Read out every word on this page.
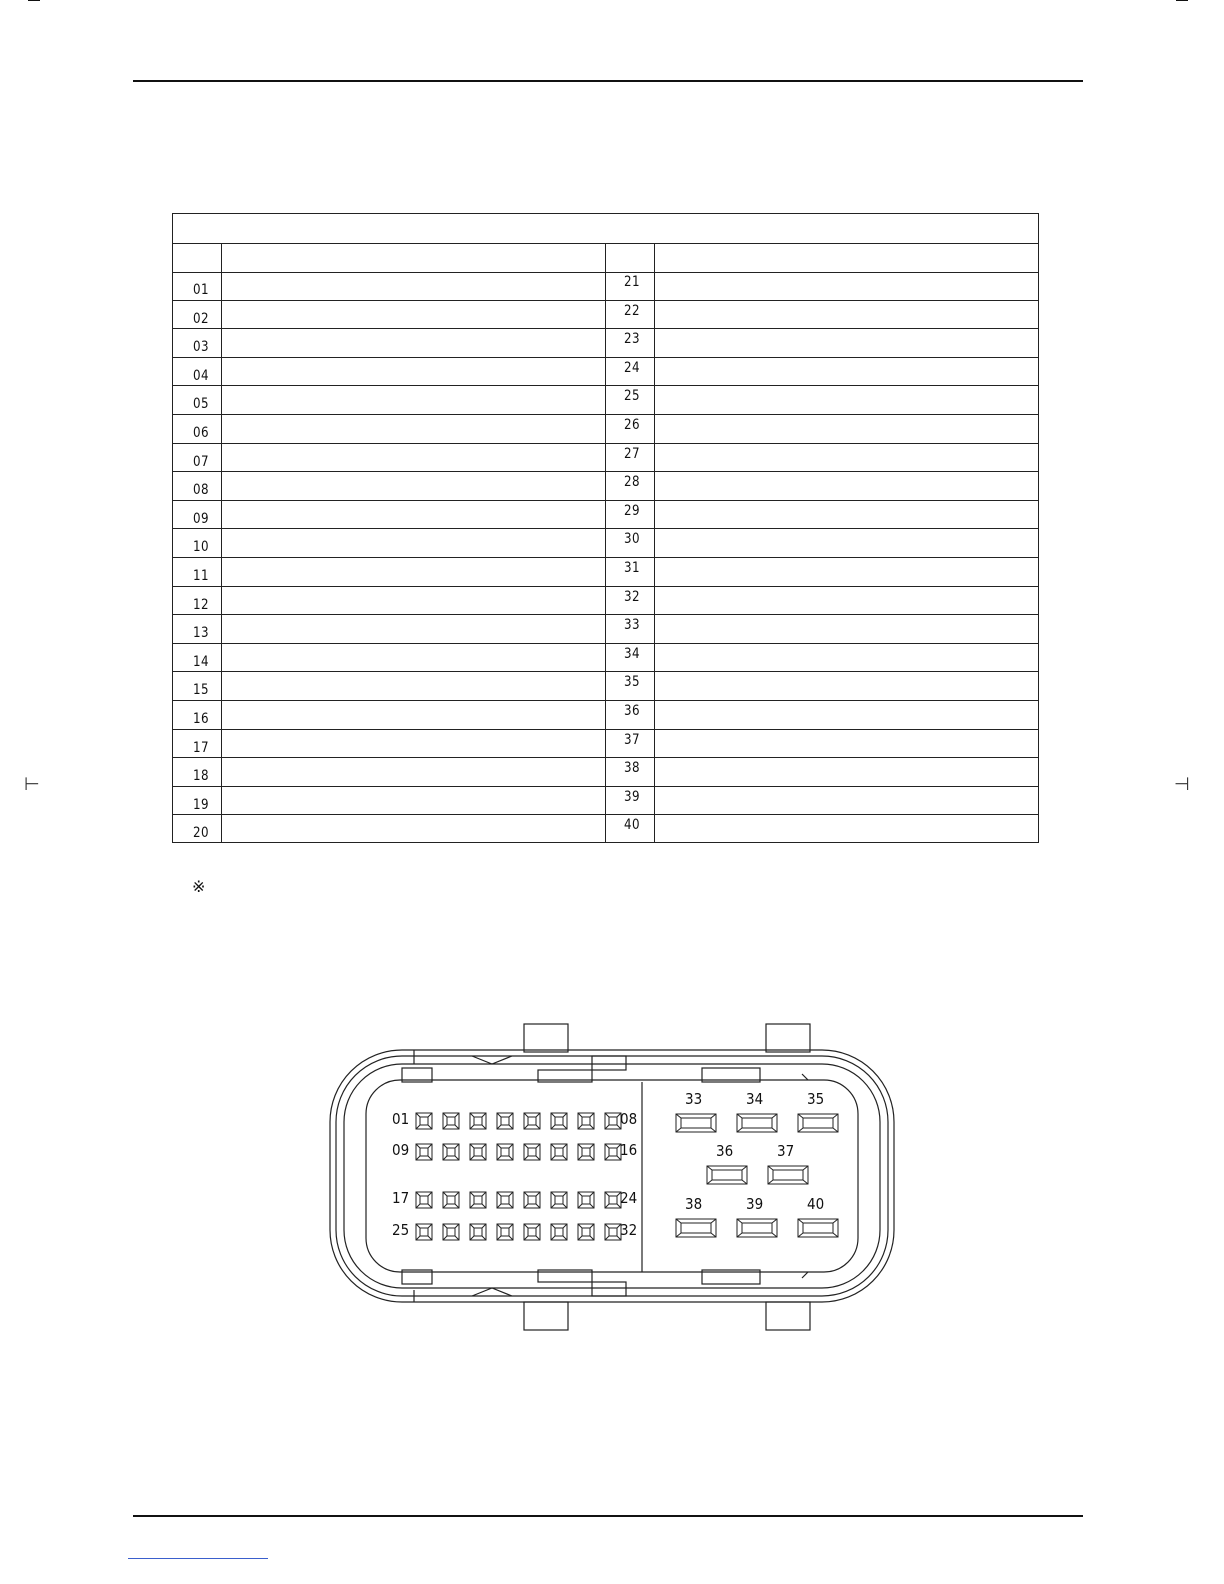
⊢	⊣
01	21
02	22
03	23
04	24
05	25
06	26
07	27
08	28
09	29
10	30
11	31
12	32
13	33
14	34
15	35
16	36
17	37
18	38
19	39
20	40
※
01	08
09	16
17	24
25	32
33	34	35
36	37
38	39	40
